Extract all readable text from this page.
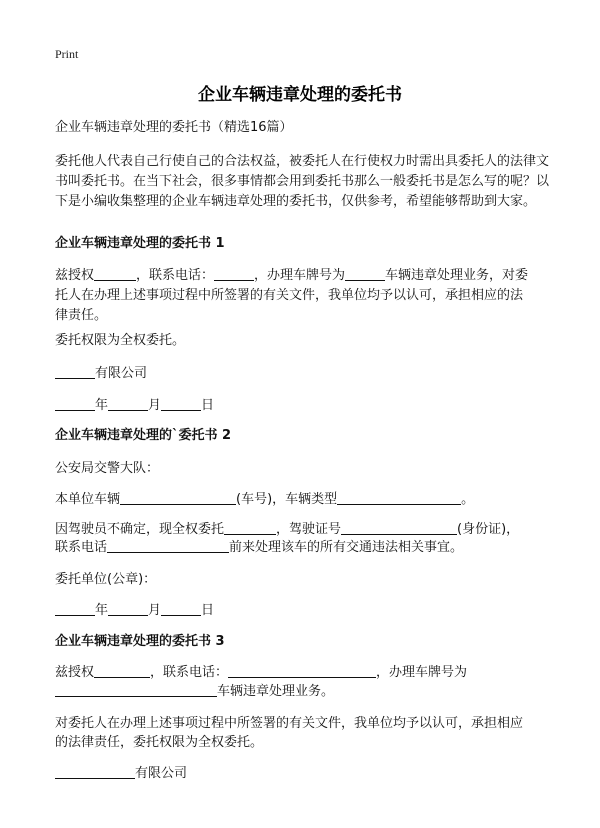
Print
企业车辆违章处理的委托书
企业车辆违章处理的委托书（精选16篇）
委托他人代表自己行使自己的合法权益，被委托人在行使权力时需出具委托人的法律文书叫委托书。在当下社会，很多事情都会用到委托书那么一般委托书是怎么写的呢？以下是小编收集整理的企业车辆违章处理的委托书，仅供参考，希望能够帮助到大家。
企业车辆违章处理的委托书 1
兹授权	，联系电话：	，办理车牌号为	车辆违章处理业务，对委
托人在办理上述事项过程中所签署的有关文件，我单位均予以认可，承担相应的法
律责任。
委托权限为全权委托。
有限公司
年	月	日
企业车辆违章处理的`委托书 2
公安局交警大队：
本单位车辆	(车号)，车辆类型	。
因驾驶员不确定，现全权委托	，驾驶证号	(身份证)，
联系电话	前来处理该车的所有交通违法相关事宜。
委托单位(公章)：
年	月	日
企业车辆违章处理的委托书 3
兹授权	，联系电话：	，办理车牌号为
车辆违章处理业务。
对委托人在办理上述事项过程中所签署的有关文件，我单位均予以认可，承担相应
的法律责任，委托权限为全权委托。
有限公司
